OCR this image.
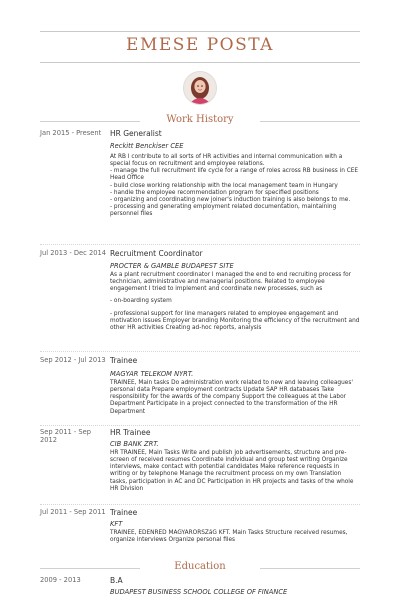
EMESE POSTA
Work History
Jan 2015 - Present	HR Generalist
Reckitt Benckiser CEE

At RB I contribute to all sorts of HR activities and internal communication with a special focus on recruitment and employee relations.

- manage the full recruitment life cycle for a range of roles across RB business in CEE Head Office

- build close working relationship with the local management team in Hungary

- handle the employee recommendation program for specified positions

- organizing and coordinating new joiner's induction training is also belongs to me.

- processing and generating employment related documentation, maintaining personnel files

Jul 2013 - Dec 2014 Recruitment Coordinator
PROCTER & GAMBLE BUDAPEST SITE

As a plant recruitment coordinator I managed the end to end recruiting process for technician, administrative and managerial positions. Related to employee engagement I tried to implement and coordinate new processes, such as

- on-boarding system

- professional support for line managers related to employee engagement and motivation issues Employer branding Monitoring the efficiency of the recruitment and other HR activities Creating ad-hoc reports, analysis

Sep 2012 - Jul 2013 Trainee
MAGYAR TELEKOM NYRT.

TRAINEE, Main tasks Do administration work related to new and leaving colleagues' personal data Prepare employment contracts Update SAP HR databases Take responsibility for the awards of the company Support the colleagues at the Labor Department Participate in a project connected to the transformation of the HR Department

Sep 2011 - Sep 2012
HR Trainee
CIB BANK ZRT.

HR TRAINEE, Main Tasks Write and publish job advertisements, structure and pre-screen of received resumes Coordinate individual and group test writing Organize interviews, make contact with potential candidates Make reference requests in writing or by telephone Manage the recruitment process on my own Translation tasks, participation in AC and DC Participation in HR projects and tasks of the whole HR Division

Jul 2011 - Sep 2011 Trainee
KFT

TRAINEE, EDENRED MAGYARORSZáG KFT. Main Tasks Structure received resumes, organize interviews Organize personal files

Education
2009 - 2013	B.A
BUDAPEST BUSINESS SCHOOL COLLEGE OF FINANCE
